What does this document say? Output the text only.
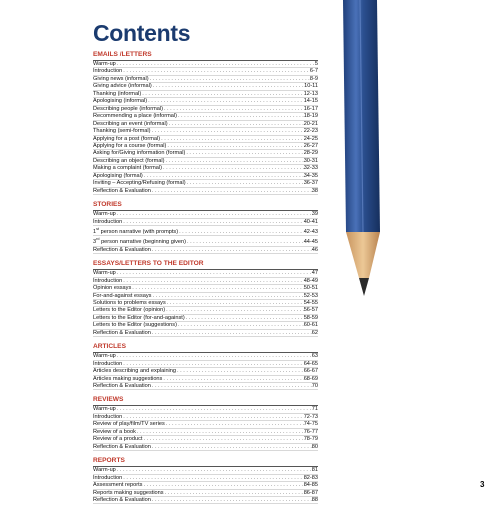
Contents
EMAILS /LETTERS
Warm-up . . .	5
Introduction . . .	6-7
Giving news (informal) . . .	8-9
Giving advice (informal) . . .	10-11
Thanking (informal) . . .	12-13
Apologising (informal) . . .	14-15
Describing people (informal) . . .	16-17
Recommending a place (informal) . . .	18-19
Describing an event (informal) . . .	20-21
Thanking (semi-formal) . . .	22-23
Applying for a post (formal) . . .	24-25
Applying for a course (formal) . . .	26-27
Asking for/Giving information (formal) . . .	28-29
Describing an object (formal) . . .	30-31
Making a complaint (formal) . . .	32-33
Apologising (formal) . . .	34-35
Inviting – Accepting/Refusing (formal) . . .	36-37
Reflection & Evaluation . . .	38
STORIES
Warm-up . . .	39
Introduction . . .	40-41
1st person narrative (with prompts) . . .	42-43
3rd person narrative (beginning given) . . .	44-45
Reflection & Evaluation . . .	46
ESSAYS/LETTERS TO THE EDITOR
Warm-up . . .	47
Introduction . . .	48-49
Opinion essays . . .	50-51
For-and-against essays . . .	52-53
Solutions to problems essays . . .	54-55
Letters to the Editor (opinion) . . .	56-57
Letters to the Editor (for-and-against) . . .	58-59
Letters to the Editor (suggestions) . . .	60-61
Reflection & Evaluation . . .	62
ARTICLES
Warm-up . . .	63
Introduction . . .	64-65
Articles describing and explaining . . .	66-67
Articles making suggestions . . .	68-69
Reflection & Evaluation . . .	70
REVIEWS
Warm-up . . .	71
Introduction . . .	72-73
Review of play/film/TV series . . .	74-75
Review of a book . . .	76-77
Review of a product . . .	78-79
Reflection & Evaluation . . .	80
REPORTS
Warm-up . . .	81
Introduction . . .	82-83
Assessment reports . . .	84-85
Reports making suggestions . . .	86-87
Reflection & Evaluation . . .	88
3
